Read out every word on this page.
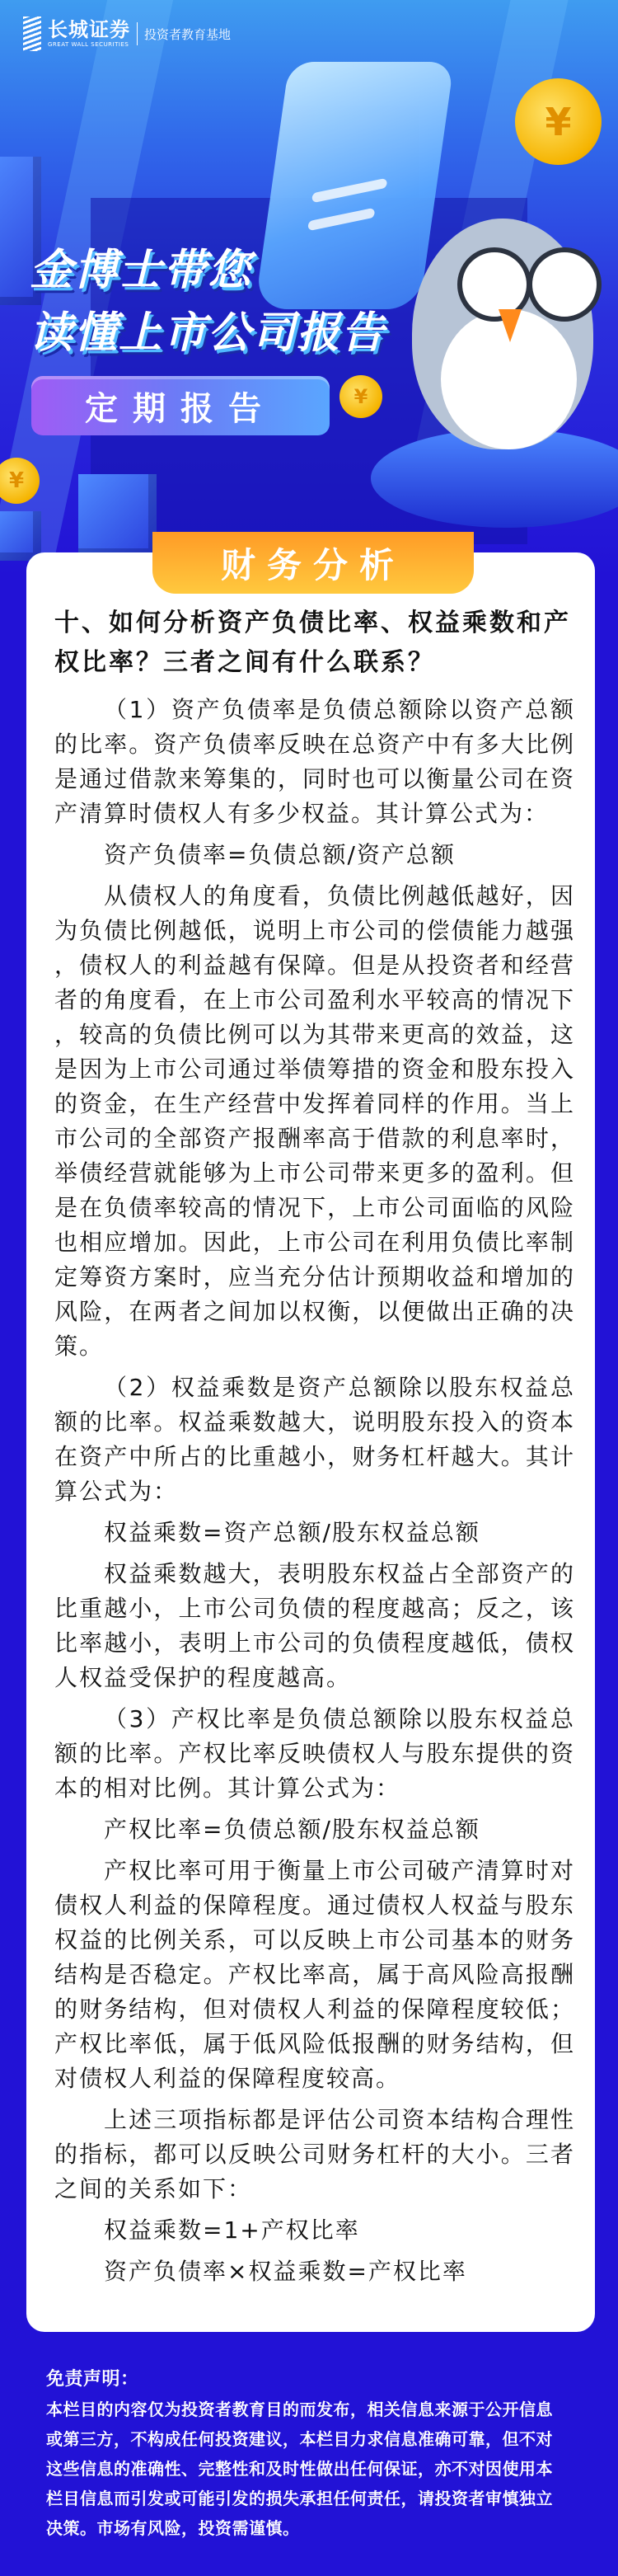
长城证券
GREAT WALL SECURITIES
投资者教育基地
¥
¥
¥
金博士带您
读懂上市公司报告
定期报告
财务分析
十、如何分析资产负债比率、权益乘数和产权比率？三者之间有什么联系？
（1）资产负债率是负债总额除以资产总额的比率。资产负债率反映在总资产中有多大比例是通过借款来筹集的，同时也可以衡量公司在资产清算时债权人有多少权益。其计算公式为：
资产负债率=负债总额/资产总额
从债权人的角度看，负债比例越低越好，因为负债比例越低，说明上市公司的偿债能力越强，债权人的利益越有保障。但是从投资者和经营者的角度看，在上市公司盈利水平较高的情况下，较高的负债比例可以为其带来更高的效益，这是因为上市公司通过举债筹措的资金和股东投入的资金，在生产经营中发挥着同样的作用。当上市公司的全部资产报酬率高于借款的利息率时，举债经营就能够为上市公司带来更多的盈利。但是在负债率较高的情况下，上市公司面临的风险也相应增加。因此，上市公司在利用负债比率制定筹资方案时，应当充分估计预期收益和增加的风险，在两者之间加以权衡，以便做出正确的决策。
（2）权益乘数是资产总额除以股东权益总额的比率。权益乘数越大，说明股东投入的资本在资产中所占的比重越小，财务杠杆越大。其计算公式为：
权益乘数=资产总额/股东权益总额
权益乘数越大，表明股东权益占全部资产的比重越小，上市公司负债的程度越高；反之，该比率越小，表明上市公司的负债程度越低，债权人权益受保护的程度越高。
（3）产权比率是负债总额除以股东权益总额的比率。产权比率反映债权人与股东提供的资本的相对比例。其计算公式为：
产权比率=负债总额/股东权益总额
产权比率可用于衡量上市公司破产清算时对债权人利益的保障程度。通过债权人权益与股东权益的比例关系，可以反映上市公司基本的财务结构是否稳定。产权比率高，属于高风险高报酬的财务结构，但对债权人利益的保障程度较低；产权比率低，属于低风险低报酬的财务结构，但对债权人利益的保障程度较高。
上述三项指标都是评估公司资本结构合理性的指标，都可以反映公司财务杠杆的大小。三者之间的关系如下：
权益乘数=1+产权比率
资产负债率×权益乘数=产权比率
免责声明：
本栏目的内容仅为投资者教育目的而发布，相关信息来源于公开信息或第三方，不构成任何投资建议，本栏目力求信息准确可靠，但不对这些信息的准确性、完整性和及时性做出任何保证，亦不对因使用本栏目信息而引发或可能引发的损失承担任何责任，请投资者审慎独立决策。市场有风险，投资需谨慎。
